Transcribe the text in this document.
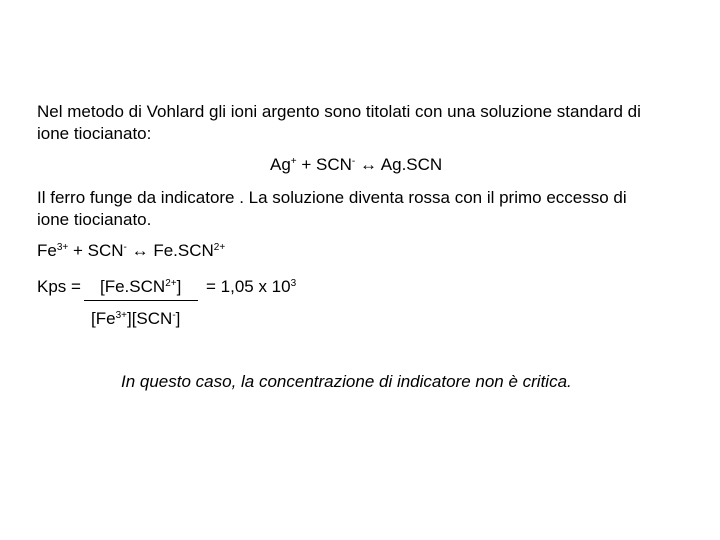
Nel metodo di Vohlard gli ioni argento sono titolati con una soluzione standard di
ione tiocianato:
Ag+ + SCN- ↔ Ag.SCN
Il ferro funge da indicatore . La soluzione diventa rossa con il primo eccesso di
ione tiocianato.
$Fe^{3+} + SCN^-$ ↔ $Fe.SCN^{2+}$
Kps = $[Fe.SCN^{2+}] = 1,05$ x $10^3$
$[Fe^{3+}][SCN^-]$
In questo caso, la concentrazione di indicatore non è critica.
